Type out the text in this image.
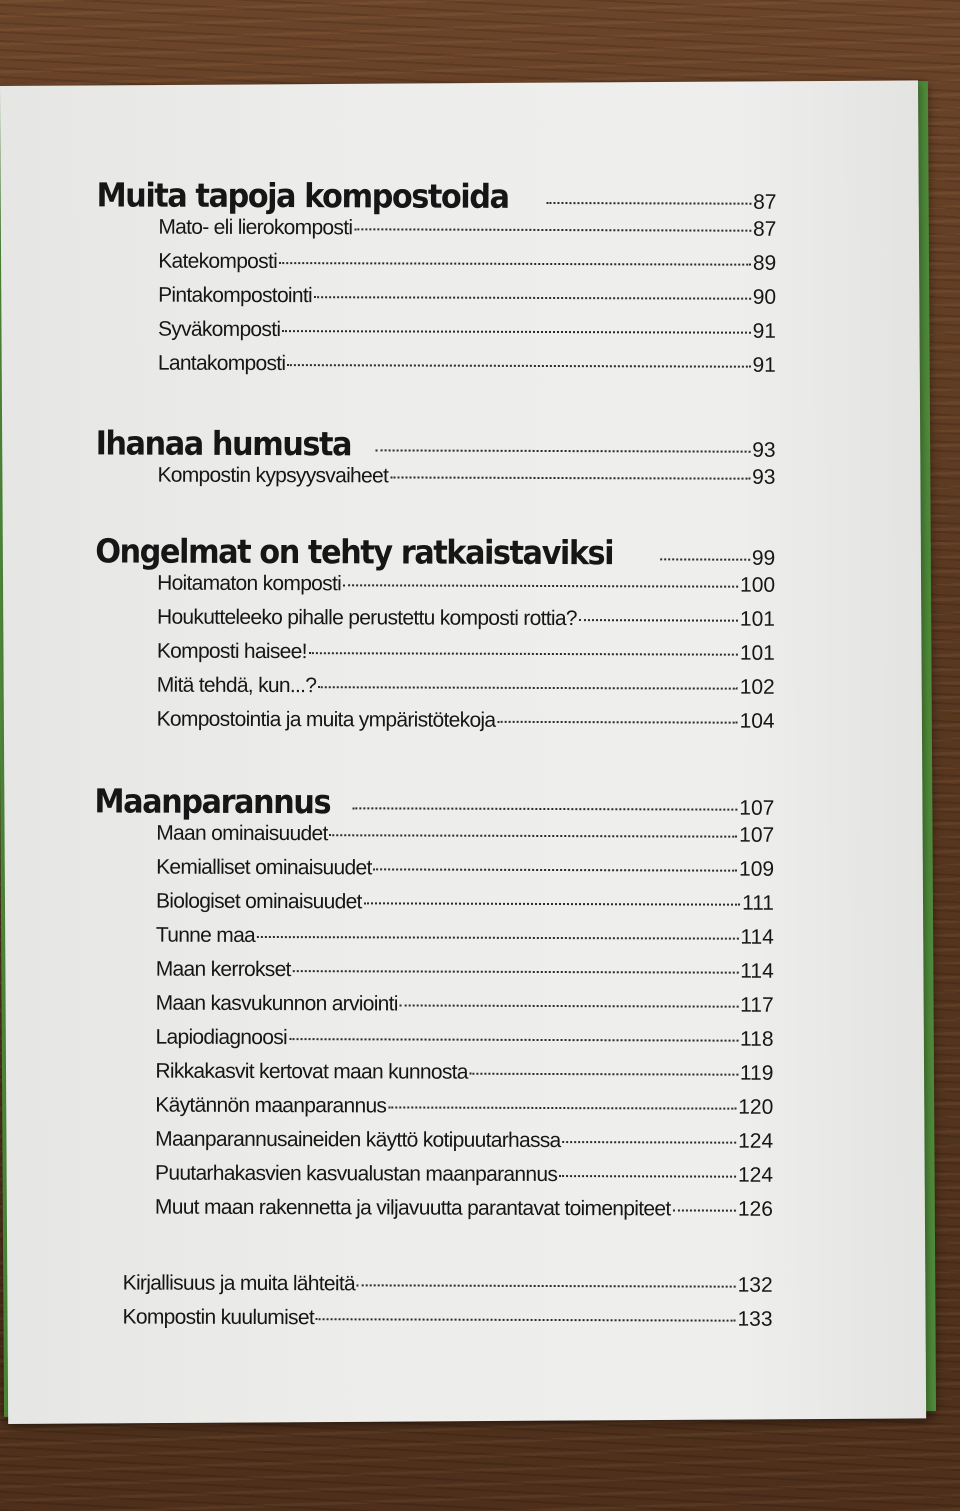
Muita tapoja kompostoida	87
Mato- eli lierokomposti	87
Katekomposti	89
Pintakompostointi	90
Syväkomposti	91
Lantakomposti	91
Ihanaa humusta	93
Kompostin kypsyysvaiheet	93
Ongelmat on tehty ratkaistaviksi	99
Hoitamaton komposti	100
Houkutteleeko pihalle perustettu komposti rottia?	101
Komposti haisee!	101
Mitä tehdä, kun...?	102
Kompostointia ja muita ympäristötekoja	104
Maanparannus	107
Maan ominaisuudet	107
Kemialliset ominaisuudet	109
Biologiset ominaisuudet	111
Tunne maa	114
Maan kerrokset	114
Maan kasvukunnon arviointi	117
Lapiodiagnoosi	118
Rikkakasvit kertovat maan kunnosta	119
Käytännön maanparannus	120
Maanparannusaineiden käyttö kotipuutarhassa	124
Puutarhakasvien kasvualustan maanparannus	124
Muut maan rakennetta ja viljavuutta parantavat toimenpiteet	126
Kirjallisuus ja muita lähteitä	132
Kompostin kuulumiset	133
